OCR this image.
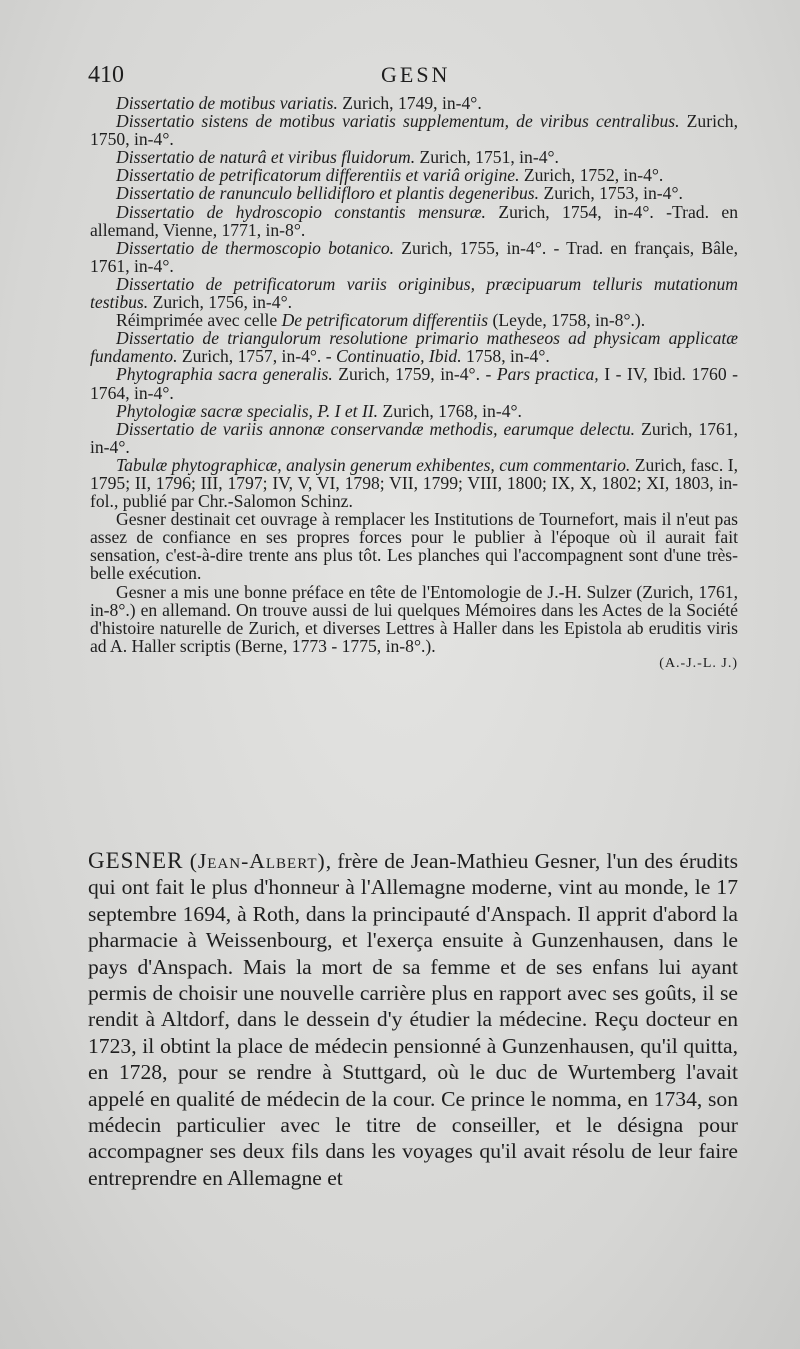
410	GESN

Dissertatio de motibus variatis. Zurich, 1749, in-4°.

Dissertatio sistens de motibus variatis supplementum, de viribus centralibus. Zurich, 1750, in-4°.

Dissertatio de naturâ et viribus fluidorum. Zurich, 1751, in-4°.

Dissertatio de petrificatorum differentiis et variâ origine. Zurich, 1752, in-4°.

Dissertatio de ranunculo bellidifloro et plantis degeneribus. Zurich, 1753, in-4°.

Dissertatio de hydroscopio constantis mensuræ. Zurich, 1754, in-4°. -Trad. en allemand, Vienne, 1771, in-8°.

Dissertatio de thermoscopio botanico. Zurich, 1755, in-4°. - Trad. en français, Bâle, 1761, in-4°.

Dissertatio de petrificatorum variis originibus, præcipuarum telluris mutationum testibus. Zurich, 1756, in-4°.

Réimprimée avec celle De petrificatorum differentiis (Leyde, 1758, in-8°.).

Dissertatio de triangulorum resolutione primario matheseos ad physicam applicatæ fundamento. Zurich, 1757, in-4°. - Continuatio, Ibid. 1758, in-4°.

Phytographia sacra generalis. Zurich, 1759, in-4°. - Pars practica, I - IV, Ibid. 1760 - 1764, in-4°.

Phytologiæ sacræ specialis, P. I et II. Zurich, 1768, in-4°.

Dissertatio de variis annonæ conservandæ methodis, earumque delectu. Zurich, 1761, in-4°.

Tabulæ phytographicæ, analysin generum exhibentes, cum commentario. Zurich, fasc. I, 1795; II, 1796; III, 1797; IV, V, VI, 1798; VII, 1799; VIII, 1800; IX, X, 1802; XI, 1803, in-fol., publié par Chr.-Salomon Schinz.

Gesner destinait cet ouvrage à remplacer les Institutions de Tournefort, mais il n'eut pas assez de confiance en ses propres forces pour le publier à l'époque où il aurait fait sensation, c'est-à-dire trente ans plus tôt. Les planches qui l'accompagnent sont d'une très-belle exécution.

Gesner a mis une bonne préface en tête de l'Entomologie de J.-H. Sulzer (Zurich, 1761, in-8°.) en allemand. On trouve aussi de lui quelques Mémoires dans les Actes de la Société d'histoire naturelle de Zurich, et diverses Lettres à Haller dans les Epistola ab eruditis viris ad A. Haller scriptis (Berne, 1773 - 1775, in-8°.).

(A.-J.-L. J.)

GESNER (Jean-Albert), frère de Jean-Mathieu Gesner, l'un des érudits qui ont fait le plus d'honneur à l'Allemagne moderne, vint au monde, le 17 septembre 1694, à Roth, dans la principauté d'Anspach. Il apprit d'abord la pharmacie à Weissenbourg, et l'exerça ensuite à Gunzenhausen, dans le pays d'Anspach. Mais la mort de sa femme et de ses enfans lui ayant permis de choisir une nouvelle carrière plus en rapport avec ses goûts, il se rendit à Altdorf, dans le dessein d'y étudier la médecine. Reçu docteur en 1723, il obtint la place de médecin pensionné à Gunzenhausen, qu'il quitta, en 1728, pour se rendre à Stuttgard, où le duc de Wurtemberg l'avait appelé en qualité de médecin de la cour. Ce prince le nomma, en 1734, son médecin particulier avec le titre de conseiller, et le désigna pour accompagner ses deux fils dans les voyages qu'il avait résolu de leur faire entreprendre en Allemagne et
